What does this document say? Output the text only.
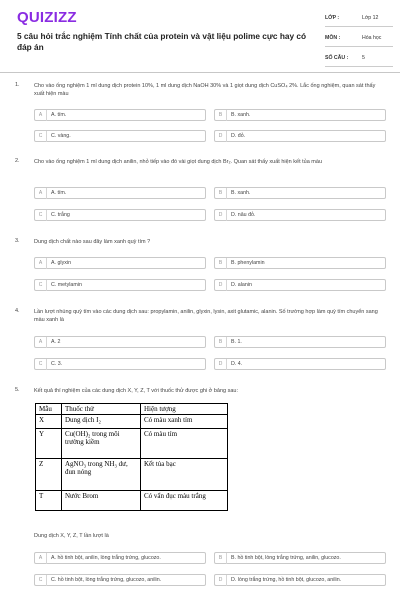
QUIZIZZ
5 câu hỏi trắc nghiệm Tính chất của protein và vật liệu polime cực hay có đáp án
LỚP :	Lớp 12
MÔN :	Hóa học
SỐ CÂU :	5
1.	Cho vào ống nghiệm 1 ml dung dịch protein 10%, 1 ml dung dịch NaOH 30% và 1 giọt dung dịch CuSO₄ 2%. Lắc ống nghiệm, quan sát thấy xuất hiện màu
A	A. tím.	B	B. xanh.
C	C. vàng.	D	D. đỏ.
2.	Cho vào ống nghiệm 1 ml dung dịch anilin, nhỏ tiếp vào đó vài giọt dung dịch Br₂. Quan sát thấy xuất hiện kết tủa màu
A	A. tím.	B	B. xanh.
C	C. trắng	D	D. nâu đỏ.
3.	Dung dịch chất nào sau đây làm xanh quỳ tím ?
A	A. glyxin	B	B. phenylamin
C	C. metylamin	D	D. alanin
4.	Lần lượt nhúng quỳ tím vào các dung dịch sau: propylamin, anilin, glyxin, lysin, axit glutamic, alanin. Số trường hợp làm quỳ tím chuyển sang màu xanh là
A	A. 2	B	B. 1.
C	C. 3.	D	D. 4.
5.	Kết quả thí nghiệm của các dung dịch X, Y, Z, T với thuốc thử được ghi ở bảng sau:
Mẫu	Thuốc thử	Hiện tượng
X	Dung dịch I₂	Có màu xanh tím
Y	Cu(OH)₂ trong môi trường kiềm	Có màu tím
Z	AgNO₃ trong NH₃ dư, đun nóng	Kết tủa bạc
T	Nước Brom	Có vẩn đục màu trắng
Dung dịch X, Y, Z, T lần lượt là
A	A. hồ tinh bột, anilin, lòng trắng trứng, glucozo.	B	B. hồ tinh bột, lòng trắng trứng, anilin, glucozo.
C	C. hồ tinh bột, lòng trắng trứng, glucozo, anilin.	D	D. lòng trắng trứng, hồ tinh bột, glucozo, anilin.
